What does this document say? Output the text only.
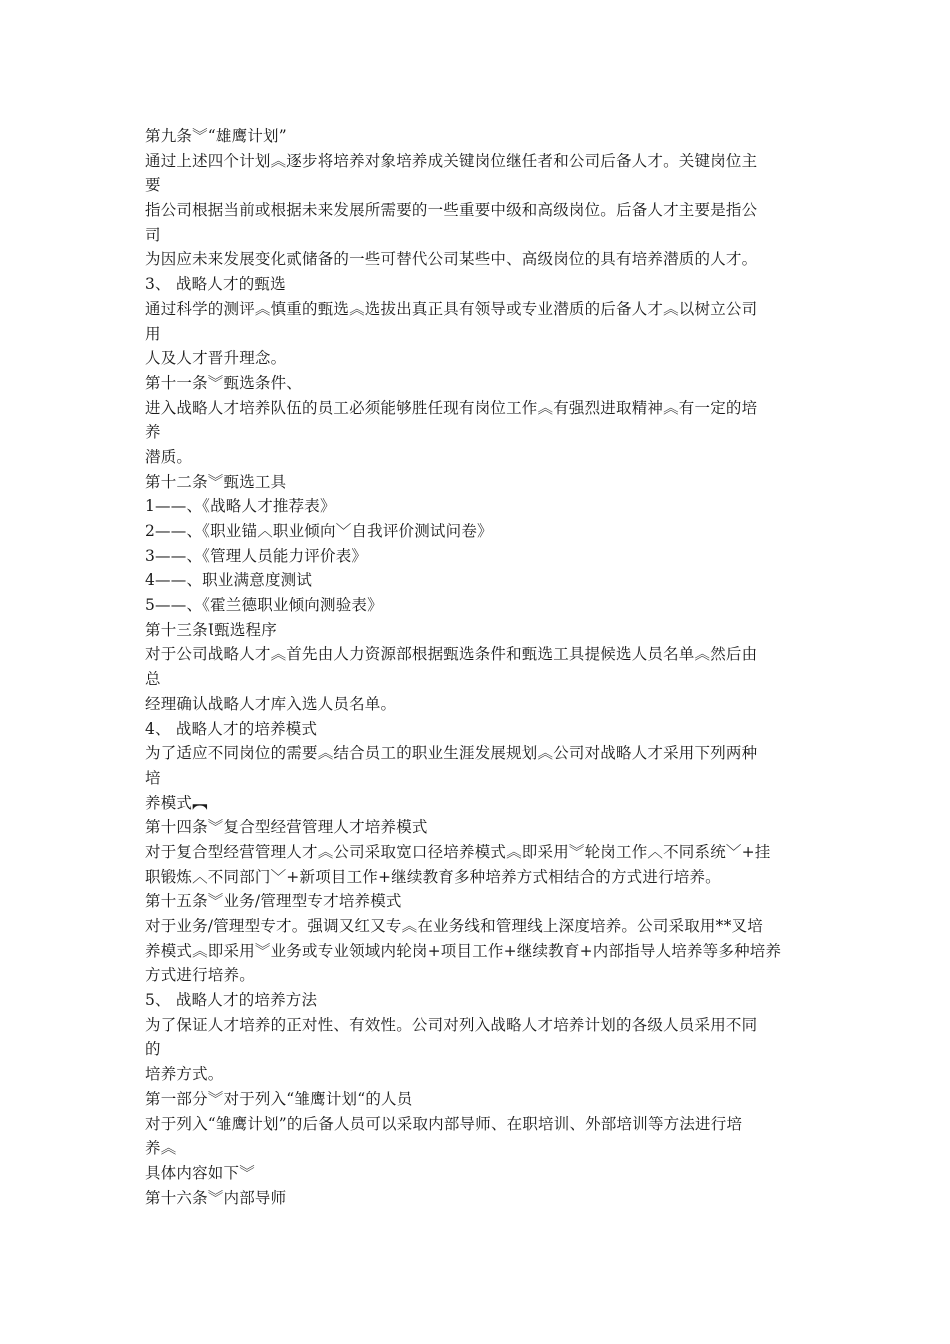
第九条︾“雄鹰计划”
通过上述四个计划︽逐步将培养对象培养成关键岗位继任者和公司后备人才。关键岗位主
要
指公司根据当前或根据未来发展所需要的一些重要中级和高级岗位。后备人才主要是指公
司
为因应未来发展变化贰储备的一些可替代公司某些中、高级岗位的具有培养潜质的人才。
3、 战略人才的甄选
通过科学的测评︽慎重的甄选︽选拔出真正具有领导或专业潜质的后备人才︽以树立公司
用
人及人才晋升理念。
第十一条︾甄选条件、
进入战略人才培养队伍的员工必须能够胜任现有岗位工作︽有强烈进取精神︽有一定的培
养
潜质。
第十二条︾甄选工具
1——、《战略人才推荐表》
2——、《职业锚︿职业倾向﹀自我评价测试问卷》
3——、《管理人员能力评价表》
4——、职业满意度测试
5——、《霍兰德职业倾向测验表》
第十三条Ɩ甄选程序
对于公司战略人才︽首先由人力资源部根据甄选条件和甄选工具提候选人员名单︽然后由
总
经理确认战略人才库入选人员名单。
4、 战略人才的培养模式
为了适应不同岗位的需要︽结合员工的职业生涯发展规划︽公司对战略人才采用下列两种
培
养模式︻
第十四条︾复合型经营管理人才培养模式
对于复合型经营管理人才︽公司采取宽口径培养模式︽即采用︾轮岗工作︿不同系统﹀+挂
职锻炼︿不同部门﹀+新项目工作+继续教育多种培养方式相结合的方式进行培养。
第十五条︾业务/管理型专才培养模式
对于业务/管理型专才。强调又红又专︽在业务线和管理线上深度培养。公司采取用**叉培
养模式︽即采用︾业务或专业领域内轮岗+项目工作+继续教育+内部指导人培养等多种培养
方式进行培养。
5、 战略人才的培养方法
为了保证人才培养的正对性、有效性。公司对列入战略人才培养计划的各级人员采用不同
的
培养方式。
第一部分︾对于列入“雏鹰计划“的人员
对于列入“雏鹰计划”的后备人员可以采取内部导师、在职培训、外部培训等方法进行培
养︽
具体内容如下︾
第十六条︾内部导师
